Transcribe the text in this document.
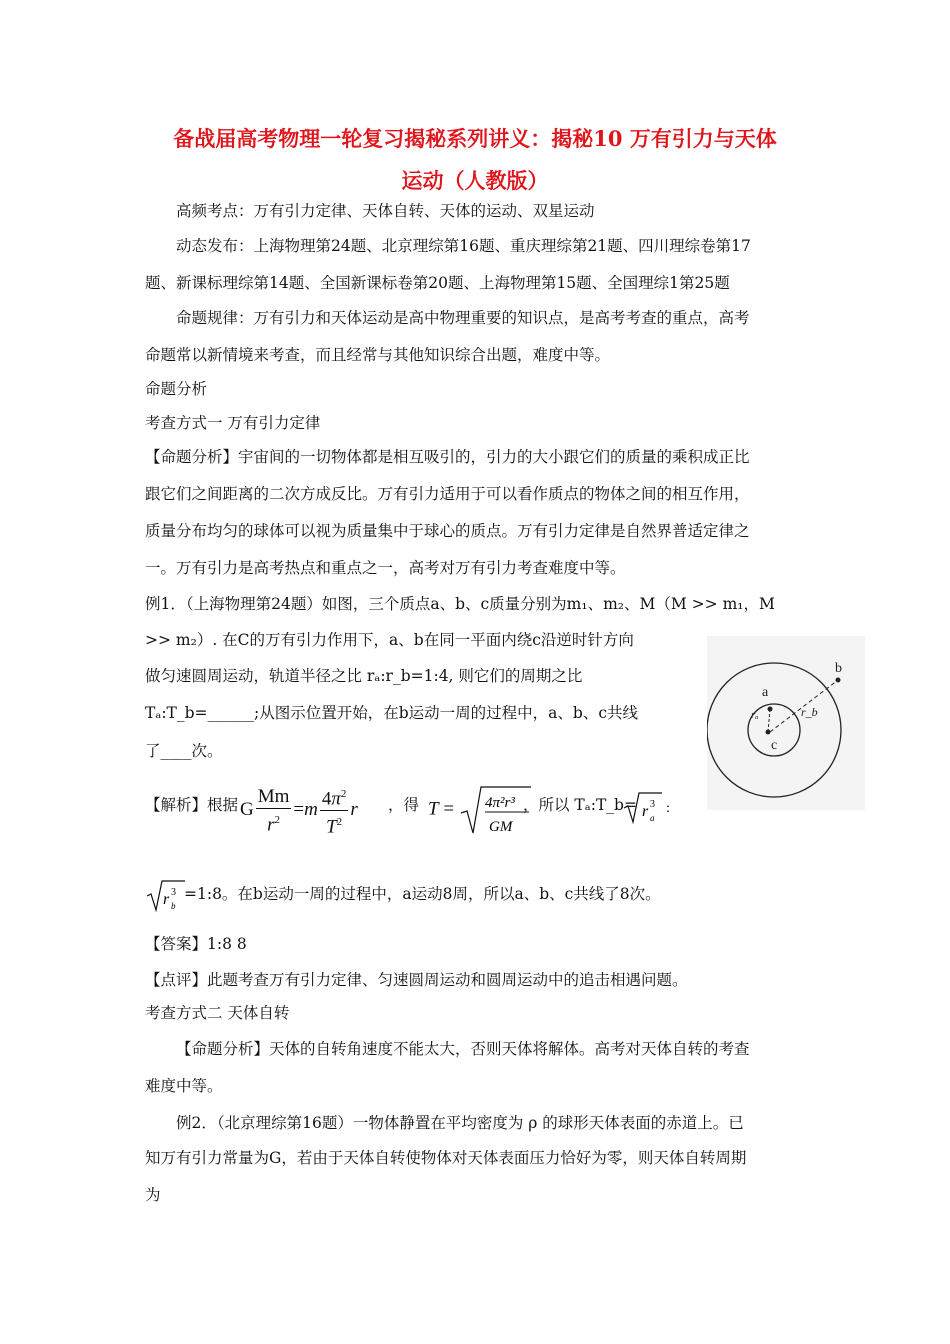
备战届高考物理一轮复习揭秘系列讲义：揭秘10 万有引力与天体
运动（人教版）
高频考点：万有引力定律、天体自转、天体的运动、双星运动
动态发布：上海物理第24题、北京理综第16题、重庆理综第21题、四川理综卷第17
题、新课标理综第14题、全国新课标卷第20题、上海物理第15题、全国理综1第25题
命题规律：万有引力和天体运动是高中物理重要的知识点，是高考考查的重点，高考
命题常以新情境来考查，而且经常与其他知识综合出题，难度中等。
命题分析
考查方式一 万有引力定律
【命题分析】宇宙间的一切物体都是相互吸引的，引力的大小跟它们的质量的乘积成正比
跟它们之间距离的二次方成反比。万有引力适用于可以看作质点的物体之间的相互作用，
质量分布均匀的球体可以视为质量集中于球心的质点。万有引力定律是自然界普适定律之
一。万有引力是高考热点和重点之一，高考对万有引力考查难度中等。
例1．（上海物理第24题）如图，三个质点a、b、c质量分别为m₁、m₂、M（M >> m₁，M
>> m₂）. 在C的万有引力作用下，a、b在同一平面内绕c沿逆时针方向
做匀速圆周运动，轨道半径之比 rₐ:r_b=1:4, 则它们的周期之比
Tₐ:T_b=______;从图示位置开始，在b运动一周的过程中，a、b、c共线
了____次。
a
b
c
rₐ	r_b
【解析】根据 G $\frac{Mm}{r^2} =m \frac{4\pi^2}{T^2}$ r ，得 T = 4π²r³
GM
，所以 Tₐ:T_b= r 3
a
:
r 3
b
=1:8。在b运动一周的过程中，a运动8周，所以a、b、c共线了8次。
【答案】1:8 8
【点评】此题考查万有引力定律、匀速圆周运动和圆周运动中的追击相遇问题。
考查方式二 天体自转
【命题分析】天体的自转角速度不能太大，否则天体将解体。高考对天体自转的考查
难度中等。
例2．（北京理综第16题）一物体静置在平均密度为 ρ 的球形天体表面的赤道上。已
知万有引力常量为G，若由于天体自转使物体对天体表面压力恰好为零，则天体自转周期
为
